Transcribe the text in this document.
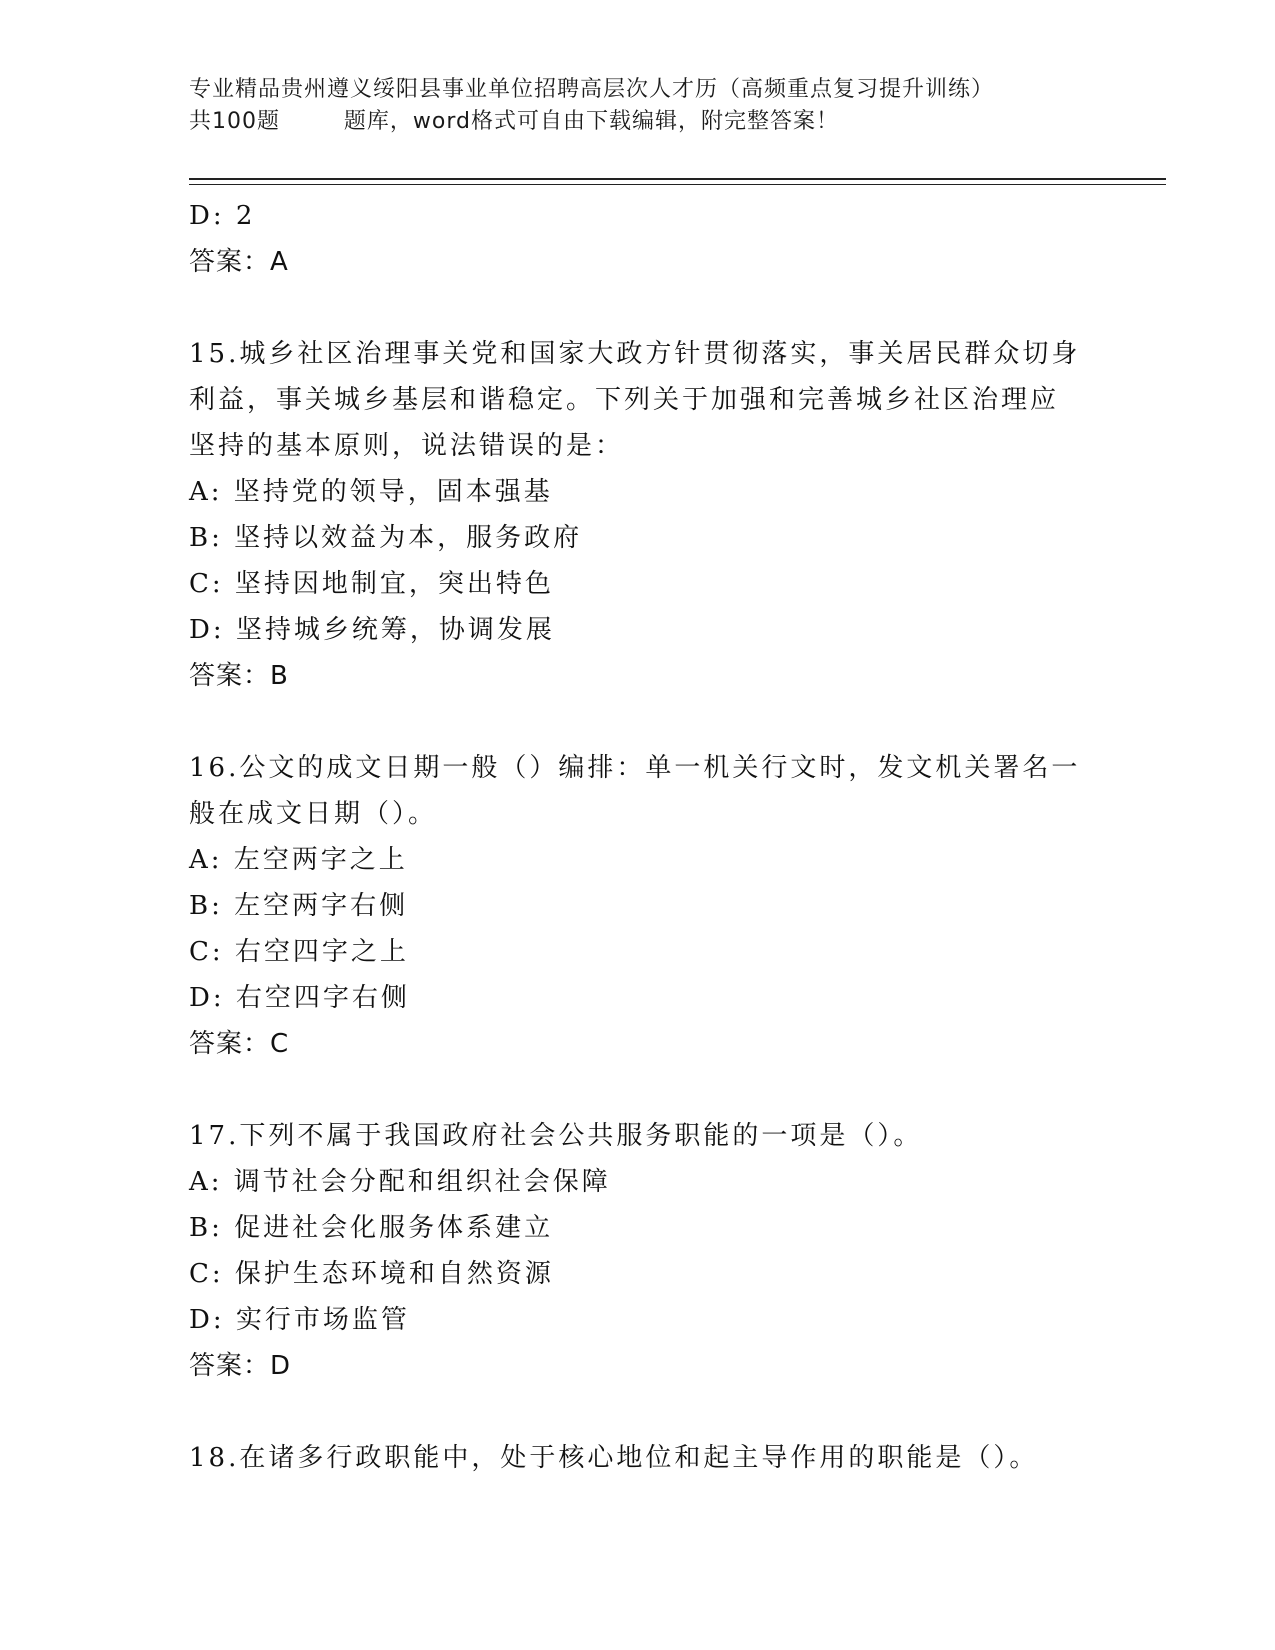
专业精品贵州遵义绥阳县事业单位招聘高层次人才历（高频重点复习提升训练）
共100题        题库，word格式可自由下载编辑，附完整答案！
D: 2
答案：A
15.城乡社区治理事关党和国家大政方针贯彻落实，事关居民群众切身
利益，事关城乡基层和谐稳定。下列关于加强和完善城乡社区治理应
坚持的基本原则，说法错误的是：
A: 坚持党的领导，固本强基
B: 坚持以效益为本，服务政府
C: 坚持因地制宜，突出特色
D: 坚持城乡统筹，协调发展
答案：B
16.公文的成文日期一般（）编排：单一机关行文时，发文机关署名一
般在成文日期（）。
A: 左空两字之上
B: 左空两字右侧
C: 右空四字之上
D: 右空四字右侧
答案：C
17.下列不属于我国政府社会公共服务职能的一项是（）。
A: 调节社会分配和组织社会保障
B: 促进社会化服务体系建立
C: 保护生态环境和自然资源
D: 实行市场监管
答案：D
18.在诸多行政职能中，处于核心地位和起主导作用的职能是（）。
